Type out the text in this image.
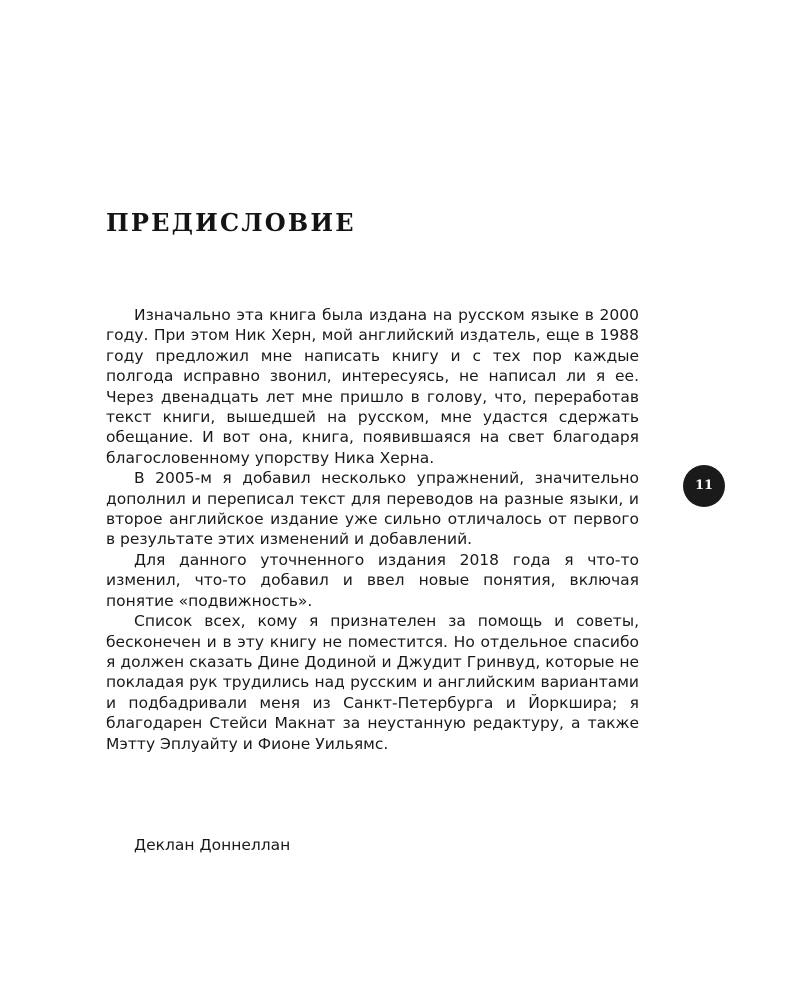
ПРЕДИСЛОВИЕ

Изначально эта книга была издана на русском языке в 2000 году. При этом Ник Херн, мой английский издатель, еще в 1988 году предложил мне написать книгу и с тех пор каждые полгода исправно звонил, интересуясь, не написал ли я ее. Через двенадцать лет мне пришло в голову, что, переработав текст книги, вышедшей на русском, мне удастся сдержать обещание. И вот она, книга, появившаяся на свет благодаря благословенному упорству Ника Херна.

В 2005-м я добавил несколько упражнений, значительно дополнил и переписал текст для переводов на разные языки, и второе английское издание уже сильно отличалось от первого в результате этих изменений и добавлений.

Для данного уточненного издания 2018 года я что-то изменил, что-то добавил и ввел новые понятия, включая понятие «подвижность».

Список всех, кому я признателен за помощь и советы, бесконечен и в эту книгу не поместится. Но отдельное спасибо я должен сказать Дине Додиной и Джудит Гринвуд, которые не покладая рук трудились над русским и английским вариантами и подбадривали меня из Санкт-Петербурга и Йоркшира; я благодарен Стейси Макнат за неустанную редактуру, а также Мэтту Эплуайту и Фионе Уильямс.

Деклан Доннеллан

11
